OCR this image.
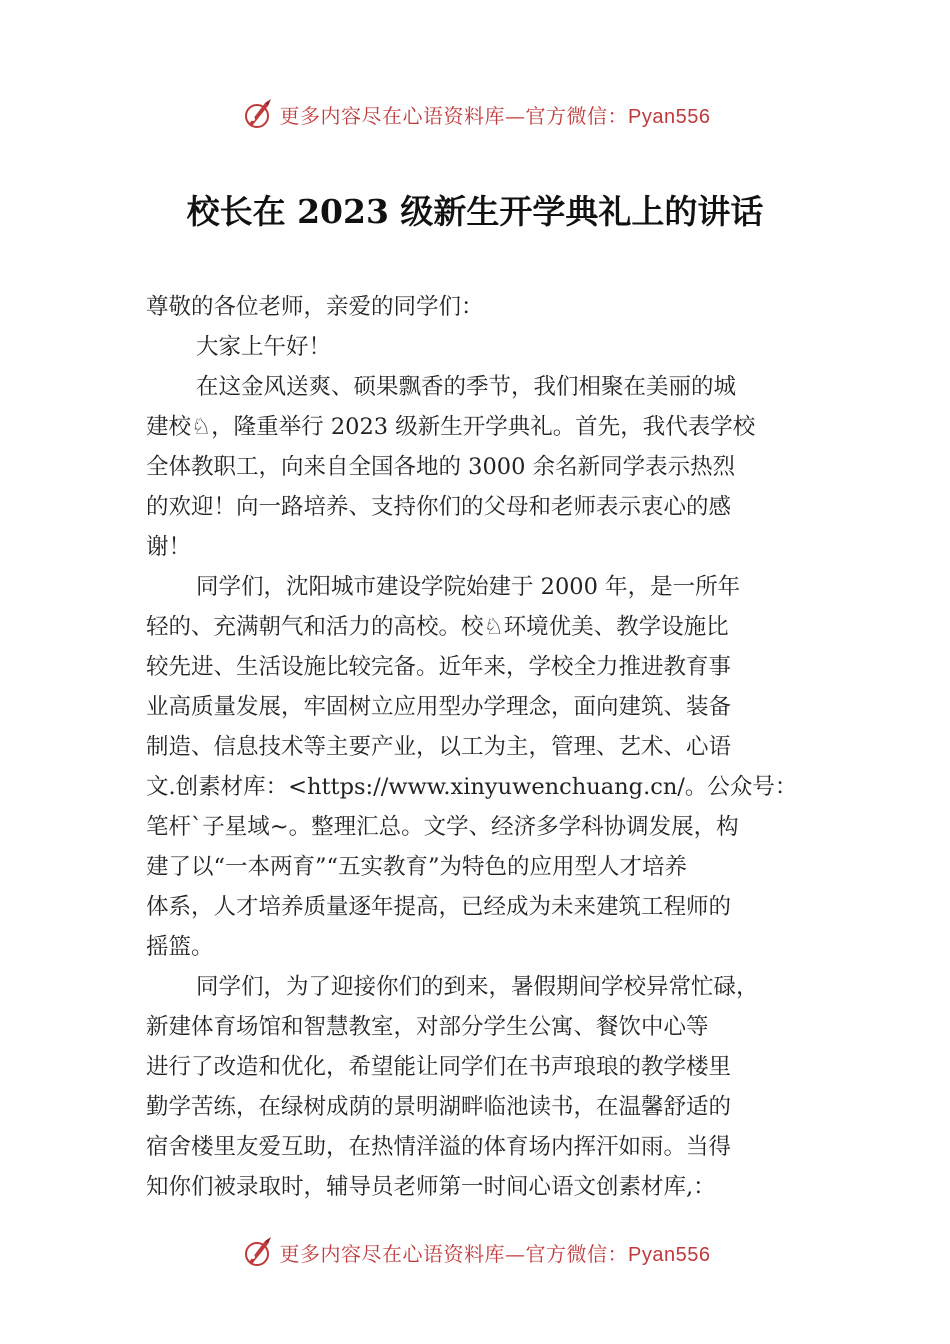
更多内容尽在心语资料库—官方微信：Pyan556
校长在 2023 级新生开学典礼上的讲话
尊敬的各位老师，亲爱的同学们：
大家上午好！
在这金风送爽、硕果飘香的季节，我们相聚在美丽的城
建校♘，隆重举行 2023 级新生开学典礼。首先，我代表学校
全体教职工，向来自全国各地的 3000 余名新同学表示热烈
的欢迎！向一路培养、支持你们的父母和老师表示衷心的感
谢！
同学们，沈阳城市建设学院始建于 2000 年，是一所年
轻的、充满朝气和活力的高校。校♘环境优美、教学设施比
较先进、生活设施比较完备。近年来，学校全力推进教育事
业高质量发展，牢固树立应用型办学理念，面向建筑、装备
制造、信息技术等主要产业，以工为主，管理、艺术、心语
文.创素材库：<https://www.xinyuwenchuang.cn/。公众号：
笔杆`子星域~。整理汇总。文学、经济多学科协调发展，构
建了以“一本两育”“五实教育”为特色的应用型人才培养
体系，人才培养质量逐年提高，已经成为未来建筑工程师的
摇篮。
同学们，为了迎接你们的到来，暑假期间学校异常忙碌，
新建体育场馆和智慧教室，对部分学生公寓、餐饮中心等
进行了改造和优化，希望能让同学们在书声琅琅的教学楼里
勤学苦练，在绿树成荫的景明湖畔临池读书，在温馨舒适的
宿舍楼里友爱互助，在热情洋溢的体育场内挥汗如雨。当得
知你们被录取时，辅导员老师第一时间心语文创素材库,：
更多内容尽在心语资料库—官方微信：Pyan556
